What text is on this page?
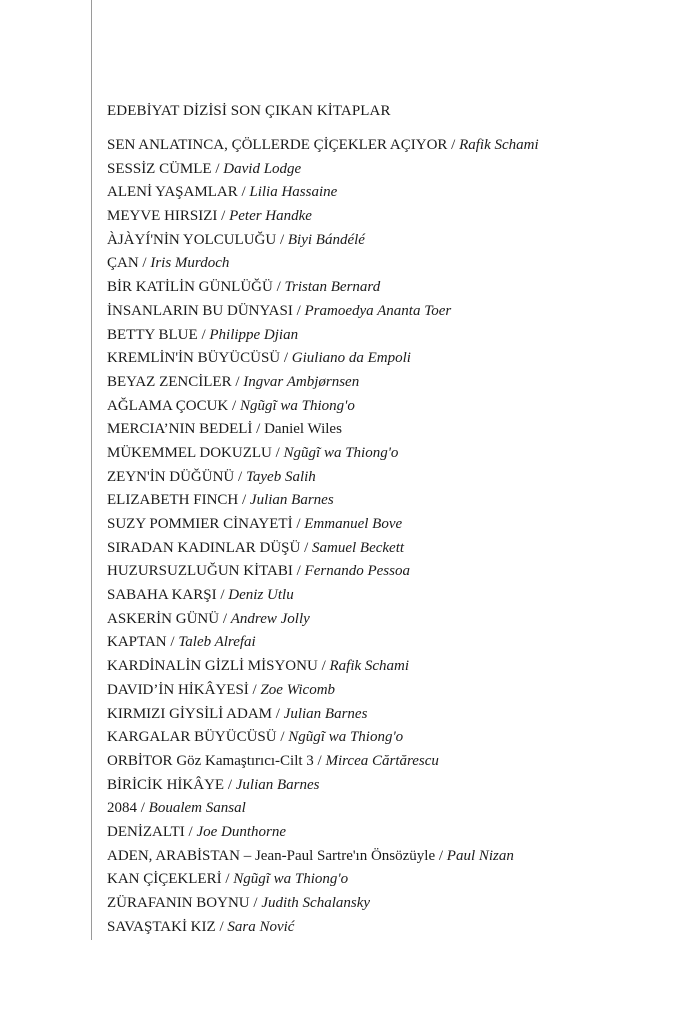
EDEBİYAT DİZİSİ SON ÇIKAN KİTAPLAR
SEN ANLATINCA, ÇÖLLERDE ÇİÇEKLER AÇIYOR / Rafik Schami
SESSİZ CÜMLE / David Lodge
ALENİ YAŞAMLAR / Lilia Hassaine
MEYVE HIRSIZI / Peter Handke
ÀJÀYÍ'NİN YOLCULUĞU / Biyi Bándélé
ÇAN / Iris Murdoch
BİR KATİLİN GÜNLÜĞÜ / Tristan Bernard
İNSANLARIN BU DÜNYASI / Pramoedya Ananta Toer
BETTY BLUE / Philippe Djian
KREMLİN'İN BÜYÜCÜSÜ / Giuliano da Empoli
BEYAZ ZENCİLER / Ingvar Ambjørnsen
AĞLAMA ÇOCUK / Ngũgĩ wa Thiong'o
MERCIA’NIN BEDELİ / Daniel Wiles
MÜKEMMEL DOKUZLU / Ngũgĩ wa Thiong'o
ZEYN'İN DÜĞÜNÜ / Tayeb Salih
ELIZABETH FINCH / Julian Barnes
SUZY POMMIER CİNAYETİ / Emmanuel Bove
SIRADAN KADINLAR DÜŞÜ / Samuel Beckett
HUZURSUZLUĞUN KİTABI / Fernando Pessoa
SABAHA KARŞI / Deniz Utlu
ASKERİN GÜNÜ / Andrew Jolly
KAPTAN / Taleb Alrefai
KARDİNALİN GİZLİ MİSYONU / Rafik Schami
DAVID’İN HİKÂYESİ / Zoe Wicomb
KIRMIZI GİYSİLİ ADAM / Julian Barnes
KARGALAR BÜYÜCÜSÜ / Ngũgĩ wa Thiong'o
ORBİTOR Göz Kamaştırıcı-Cilt 3 / Mircea Cărtărescu
BİRİCİK HİKÂYE / Julian Barnes
2084 / Boualem Sansal
DENİZALTI / Joe Dunthorne
ADEN, ARABİSTAN – Jean-Paul Sartre'ın Önsözüyle / Paul Nizan
KAN ÇİÇEKLERİ / Ngũgĩ wa Thiong'o
ZÜRAFANIN BOYNU / Judith Schalansky
SAVAŞTAKİ KIZ / Sara Nović
